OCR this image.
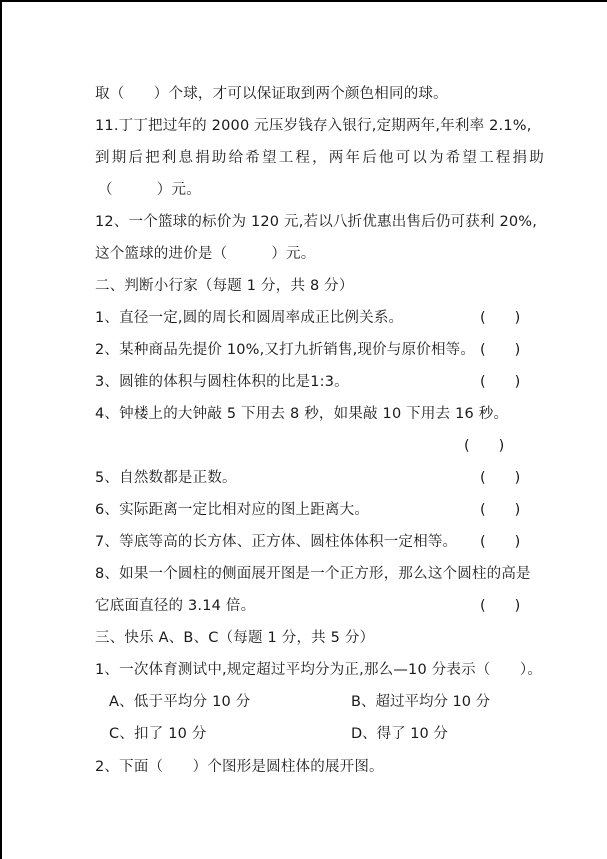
取（　　）个球，才可以保证取到两个颜色相同的球。
11.丁丁把过年的 2000 元压岁钱存入银行,定期两年,年利率 2.1%,
到期后把利息捐助给希望工程，两年后他可以为希望工程捐助
（　　　）元。
12、一个篮球的标价为 120 元,若以八折优惠出售后仍可获利 20%,
这个篮球的进价是（　　　）元。
二、判断小行家（每题 1 分，共 8 分）
1、直径一定,圆的周长和圆周率成正比例关系。	(　　)
2、某种商品先提价 10%,又打九折销售,现价与原价相等。 (　　)
3、圆锥的体积与圆柱体积的比是1:3。	(　　)
4、钟楼上的大钟敲 5 下用去 8 秒，如果敲 10 下用去 16 秒。
(　　)
5、自然数都是正数。	(　　)
6、实际距离一定比相对应的图上距离大。	(　　)
7、等底等高的长方体、正方体、圆柱体体积一定相等。 (　　)
8、如果一个圆柱的侧面展开图是一个正方形，那么这个圆柱的高是
它底面直径的 3.14 倍。	(　　)
三、快乐 A、B、C（每题 1 分，共 5 分）
1、一次体育测试中,规定超过平均分为正,那么—10 分表示（　　）。
A、低于平均分 10 分	B、超过平均分 10 分
C、扣了 10 分	D、得了 10 分
2、下面（　　）个图形是圆柱体的展开图。
